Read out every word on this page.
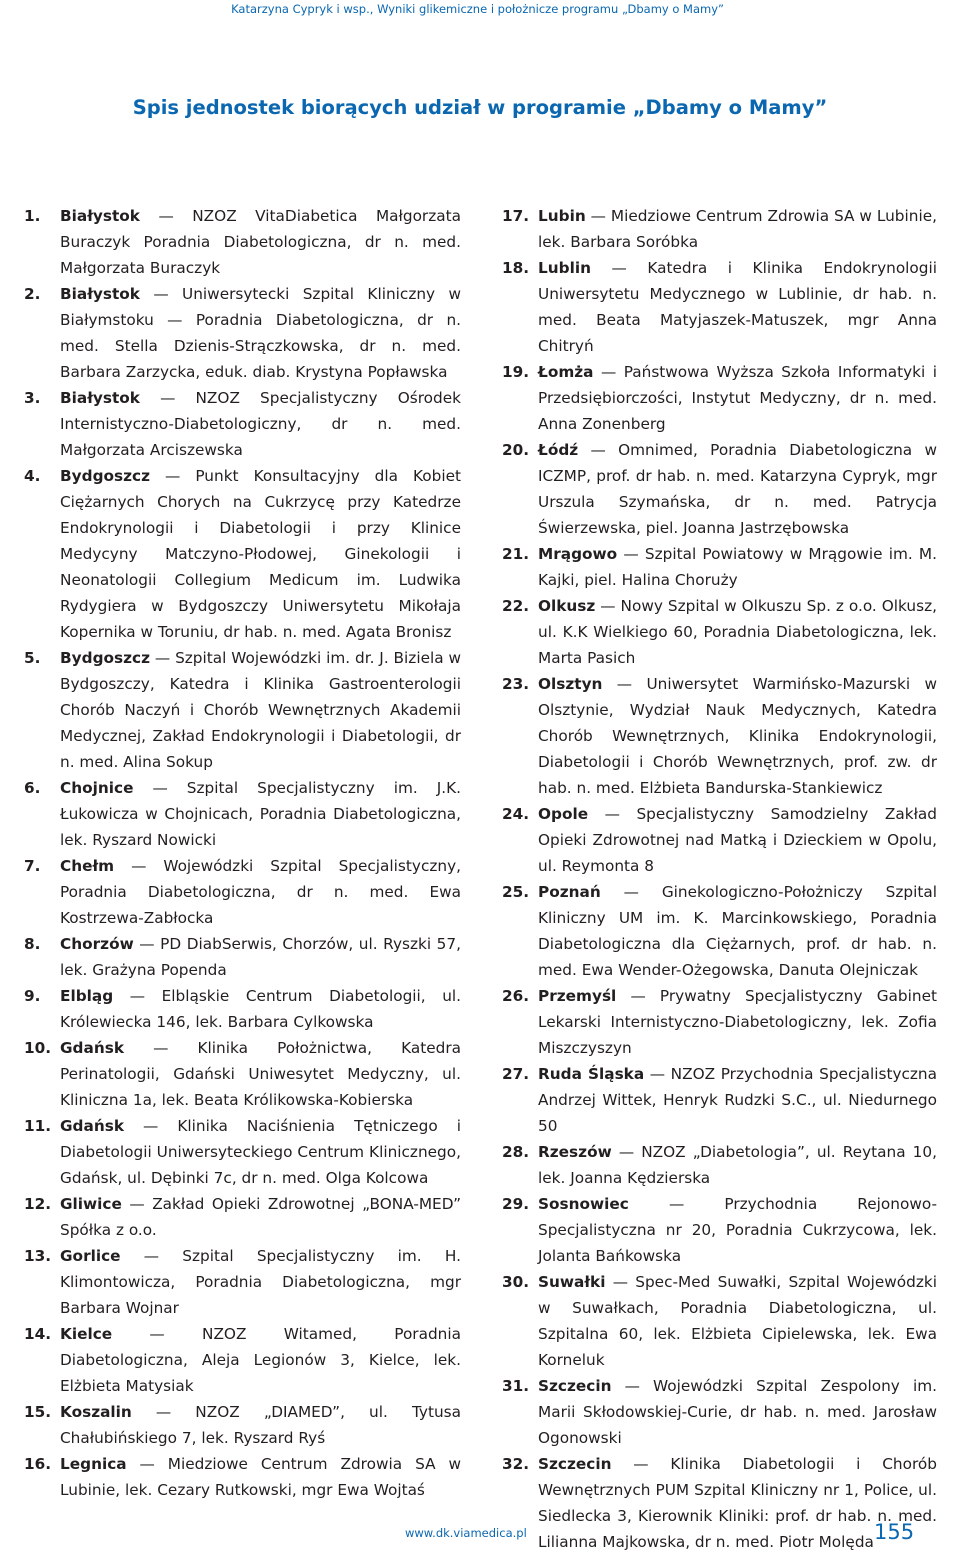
Katarzyna Cypryk i wsp., Wyniki glikemiczne i położnicze programu „Dbamy o Mamy”
Spis jednostek biorących udział w programie „Dbamy o Mamy”
1.	Białystok — NZOZ VitaDiabetica Małgorzata Buraczyk Poradnia Diabetologiczna, dr n. med. Małgorzata Buraczyk
2.	Białystok — Uniwersytecki Szpital Kliniczny w Białymstoku — Poradnia Diabetologiczna, dr n. med. Stella Dzienis-Strączkowska, dr n. med. Barbara Zarzycka, eduk. diab. Krystyna Popławska
3.	Białystok — NZOZ Specjalistyczny Ośrodek Internistyczno-Diabetologiczny, dr n. med. Małgorzata Arciszewska
4.	Bydgoszcz — Punkt Konsultacyjny dla Kobiet Ciężarnych Chorych na Cukrzycę przy Katedrze Endokrynologii i Diabetologii i przy Klinice Medycyny Matczyno-Płodowej, Ginekologii i Neonatologii Collegium Medicum im. Ludwika Rydygiera w Bydgoszczy Uniwersytetu Mikołaja Kopernika w Toruniu, dr hab. n. med. Agata Bronisz
5.	Bydgoszcz — Szpital Wojewódzki im. dr. J. Biziela w Bydgoszczy, Katedra i Klinika Gastroenterologii Chorób Naczyń i Chorób Wewnętrznych Akademii Medycznej, Zakład Endokrynologii i Diabetologii, dr n. med. Alina Sokup
6.	Chojnice — Szpital Specjalistyczny im. J.K. Łukowicza w Chojnicach, Poradnia Diabetologiczna, lek. Ryszard Nowicki
7.	Chełm — Wojewódzki Szpital Specjalistyczny, Poradnia Diabetologiczna, dr n. med. Ewa Kostrzewa-Zabłocka
8.	Chorzów — PD DiabSerwis, Chorzów, ul. Ryszki 57, lek. Grażyna Popenda
9.	Elbląg — Elbląskie Centrum Diabetologii, ul. Królewiecka 146, lek. Barbara Cylkowska
10. Gdańsk — Klinika Położnictwa, Katedra Perinatologii, Gdański Uniwesytet Medyczny, ul. Kliniczna 1a, lek. Beata Królikowska-Kobierska
11. Gdańsk — Klinika Naciśnienia Tętniczego i Diabetologii Uniwersyteckiego Centrum Klinicznego, Gdańsk, ul. Dębinki 7c, dr n. med. Olga Kolcowa
12. Gliwice — Zakład Opieki Zdrowotnej „BONA-MED” Spółka z o.o.
13. Gorlice — Szpital Specjalistyczny im. H. Klimontowicza, Poradnia Diabetologiczna, mgr Barbara Wojnar
14. Kielce — NZOZ Witamed, Poradnia Diabetologiczna, Aleja Legionów 3, Kielce, lek. Elżbieta Matysiak
15. Koszalin — NZOZ „DIAMED”, ul. Tytusa Chałubińskiego 7, lek. Ryszard Ryś
16. Legnica — Miedziowe Centrum Zdrowia SA w Lubinie, lek. Cezary Rutkowski, mgr Ewa Wojtaś
17. Lubin — Miedziowe Centrum Zdrowia SA w Lubinie, lek. Barbara Soróbka
18. Lublin — Katedra i Klinika Endokrynologii Uniwersytetu Medycznego w Lublinie, dr hab. n. med. Beata Matyjaszek-Matuszek, mgr Anna Chitryń
19. Łomża — Państwowa Wyższa Szkoła Informatyki i Przedsiębiorczości, Instytut Medyczny, dr n. med. Anna Zonenberg
20. Łódź — Omnimed, Poradnia Diabetologiczna w ICZMP, prof. dr hab. n. med. Katarzyna Cypryk, mgr Urszula Szymańska, dr n. med. Patrycja Świerzewska, piel. Joanna Jastrzębowska
21. Mrągowo — Szpital Powiatowy w Mrągowie im. M. Kajki, piel. Halina Chorużу
22. Olkusz — Nowy Szpital w Olkuszu Sp. z o.o. Olkusz, ul. K.K Wielkiego 60, Poradnia Diabetologiczna, lek. Marta Pasich
23. Olsztyn — Uniwersytet Warmińsko-Mazurski w Olsztynie, Wydział Nauk Medycznych, Katedra Chorób Wewnętrznych, Klinika Endokrynologii, Diabetologii i Chorób Wewnętrznych, prof. zw. dr hab. n. med. Elżbieta Bandurska-Stankiewicz
24. Opole — Specjalistyczny Samodzielny Zakład Opieki Zdrowotnej nad Matką i Dzieckiem w Opolu, ul. Reymonta 8
25. Poznań — Ginekologiczno-Położniczy Szpital Kliniczny UM im. K. Marcinkowskiego, Poradnia Diabetologiczna dla Ciężarnych, prof. dr hab. n. med. Ewa Wender-Ożegowska, Danuta Olejniczak
26. Przemyśl — Prywatny Specjalistyczny Gabinet Lekarski Internistyczno-Diabetologiczny, lek. Zofia Miszczyszyn
27. Ruda Śląska — NZOZ Przychodnia Specjalistyczna Andrzej Wittek, Henryk Rudzki S.C., ul. Niedurnego 50
28. Rzeszów — NZOZ „Diabetologia”, ul. Reytana 10, lek. Joanna Kędzierska
29. Sosnowiec — Przychodnia Rejonowo-Specjalistyczna nr 20, Poradnia Cukrzycowa, lek. Jolanta Bańkowska
30. Suwałki — Spec-Med Suwałki, Szpital Wojewódzki w Suwałkach, Poradnia Diabetologiczna, ul. Szpitalna 60, lek. Elżbieta Cipielewska, lek. Ewa Korneluk
31. Szczecin — Wojewódzki Szpital Zespolony im. Marii Skłodowskiej-Curie, dr hab. n. med. Jarosław Ogonowski
32. Szczecin — Klinika Diabetologii i Chorób Wewnętrznych PUM Szpital Kliniczny nr 1, Police, ul. Siedlecka 3, Kierownik Kliniki: prof. dr hab. n. med. Lilianna Majkowska, dr n. med. Piotr Molęda
www.dk.viamedica.pl	155
